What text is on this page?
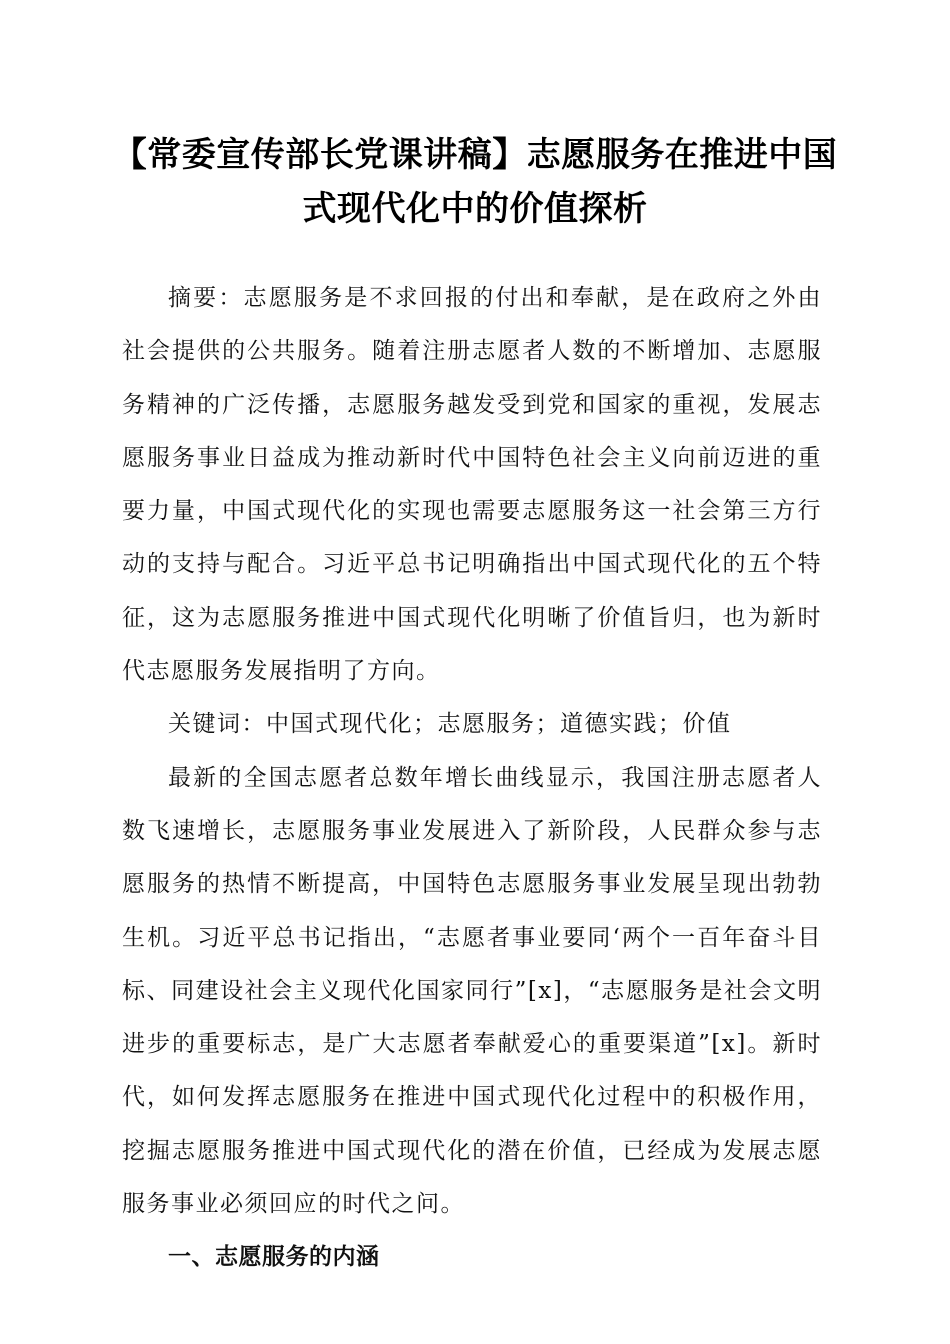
【常委宣传部长党课讲稿】志愿服务在推进中国式现代化中的价值探析

摘要：志愿服务是不求回报的付出和奉献，是在政府之外由社会提供的公共服务。随着注册志愿者人数的不断增加、志愿服务精神的广泛传播，志愿服务越发受到党和国家的重视，发展志愿服务事业日益成为推动新时代中国特色社会主义向前迈进的重要力量，中国式现代化的实现也需要志愿服务这一社会第三方行动的支持与配合。习近平总书记明确指出中国式现代化的五个特征，这为志愿服务推进中国式现代化明晰了价值旨归，也为新时代志愿服务发展指明了方向。

关键词：中国式现代化；志愿服务；道德实践；价值

最新的全国志愿者总数年增长曲线显示，我国注册志愿者人数飞速增长，志愿服务事业发展进入了新阶段，人民群众参与志愿服务的热情不断提高，中国特色志愿服务事业发展呈现出勃勃生机。习近平总书记指出，“志愿者事业要同‘两个一百年奋斗目标、同建设社会主义现代化国家同行”[x]，“志愿服务是社会文明进步的重要标志，是广大志愿者奉献爱心的重要渠道”[x]。新时代，如何发挥志愿服务在推进中国式现代化过程中的积极作用，挖掘志愿服务推进中国式现代化的潜在价值，已经成为发展志愿服务事业必须回应的时代之问。

一、志愿服务的内涵
